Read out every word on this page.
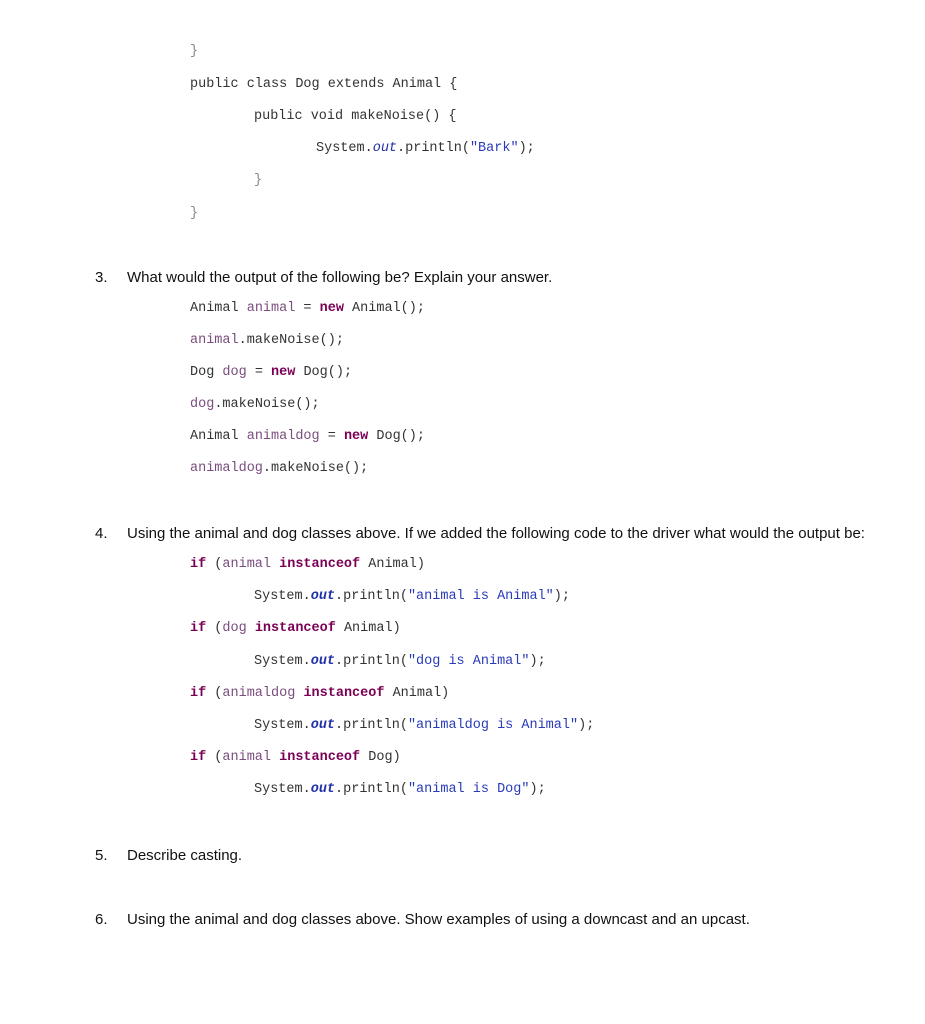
}
public class Dog extends Animal {
public void makeNoise() {
System.out.println("Bark");
}
}
3. What would the output of the following be? Explain your answer.
Animal animal = new Animal();
animal.makeNoise();
Dog dog = new Dog();
dog.makeNoise();
Animal animaldog = new Dog();
animaldog.makeNoise();
4. Using the animal and dog classes above. If we added the following code to the driver what would the output be:
if (animal instanceof Animal)
System.out.println("animal is Animal");
if (dog instanceof Animal)
System.out.println("dog is Animal");
if (animaldog instanceof Animal)
System.out.println("animaldog is Animal");
if (animal instanceof Dog)
System.out.println("animal is Dog");
5. Describe casting.
6. Using the animal and dog classes above. Show examples of using a downcast and an upcast.
